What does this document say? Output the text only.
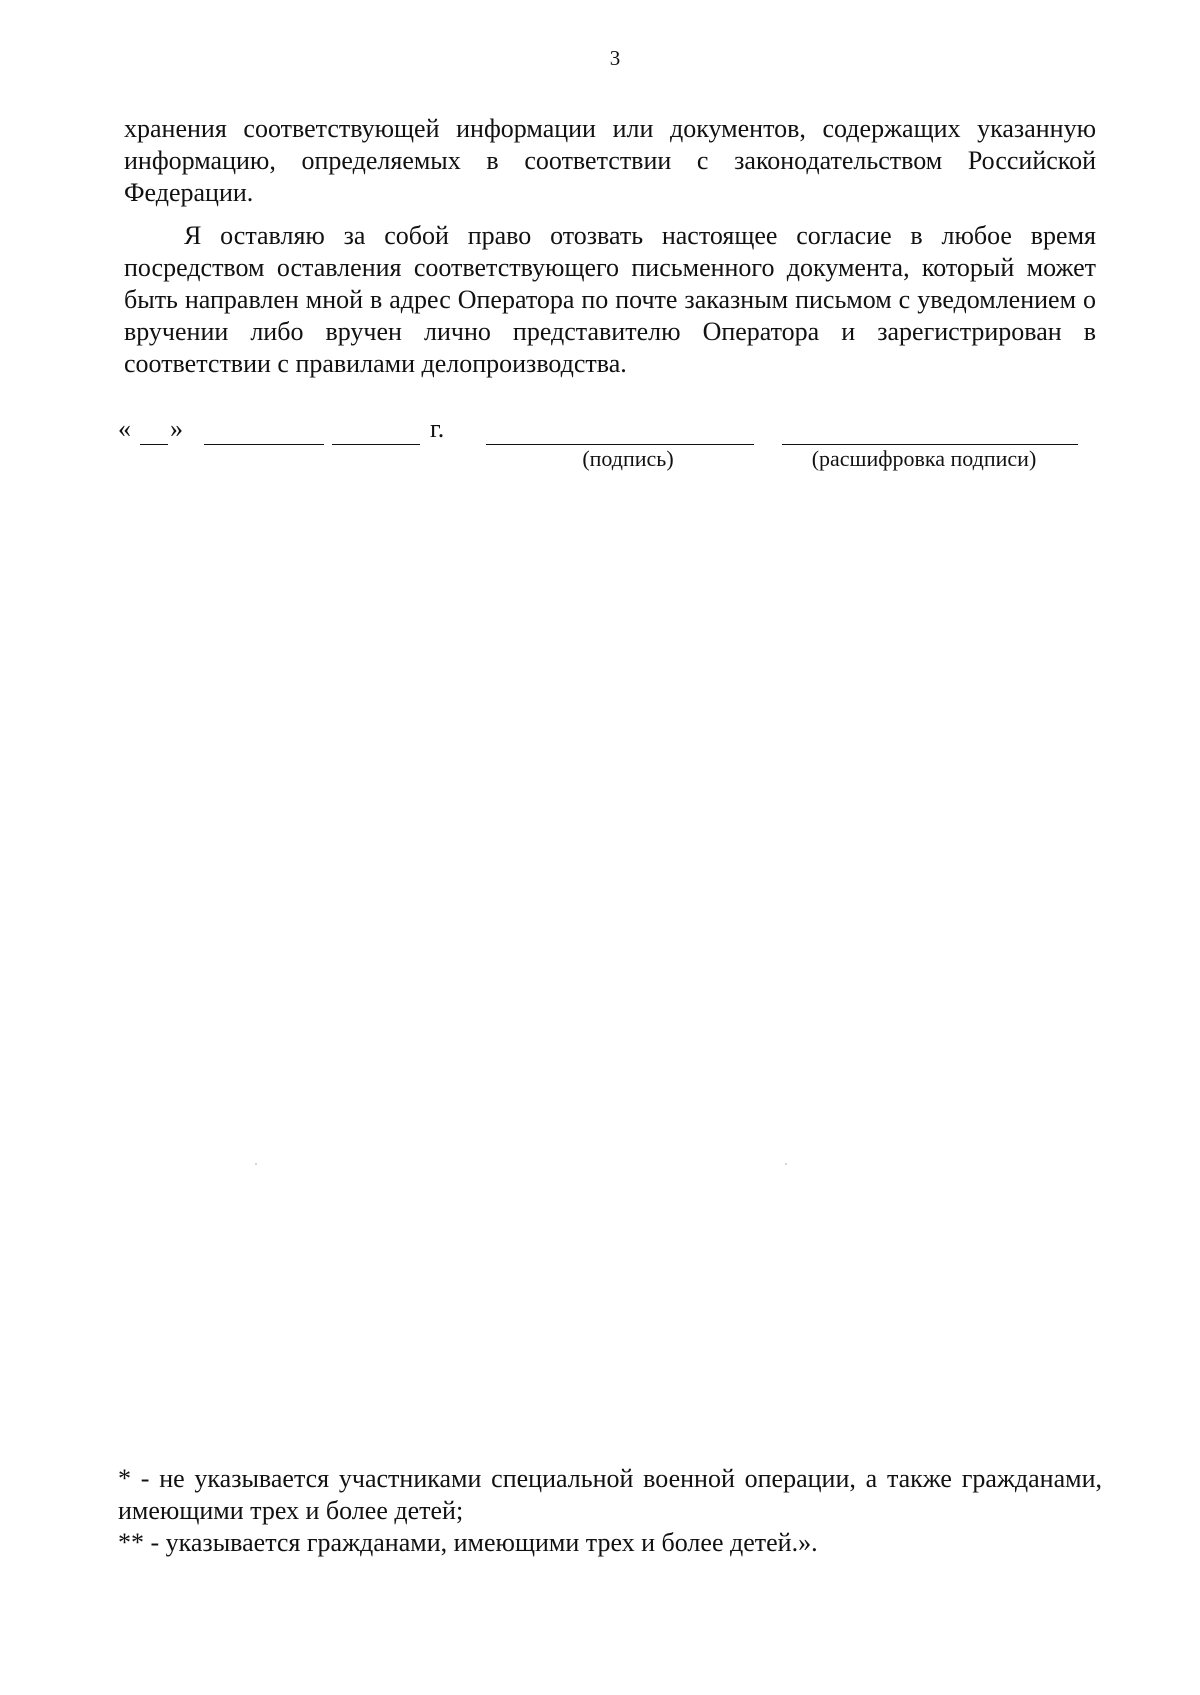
3
хранения соответствующей информации или документов, содержащих указанную информацию, определяемых в соответствии с законодательством Российской Федерации.
Я оставляю за собой право отозвать настоящее согласие в любое время посредством оставления соответствующего письменного документа, который может быть направлен мной в адрес Оператора по почте заказным письмом с уведомлением о вручении либо вручен лично представителю Оператора и зарегистрирован в соответствии с правилами делопроизводства.
« »	г.
(подпись)	(расшифровка подписи)

* - не указывается участниками специальной военной операции, а также гражданами, имеющими трех и более детей;

** - указывается гражданами, имеющими трех и более детей.».
